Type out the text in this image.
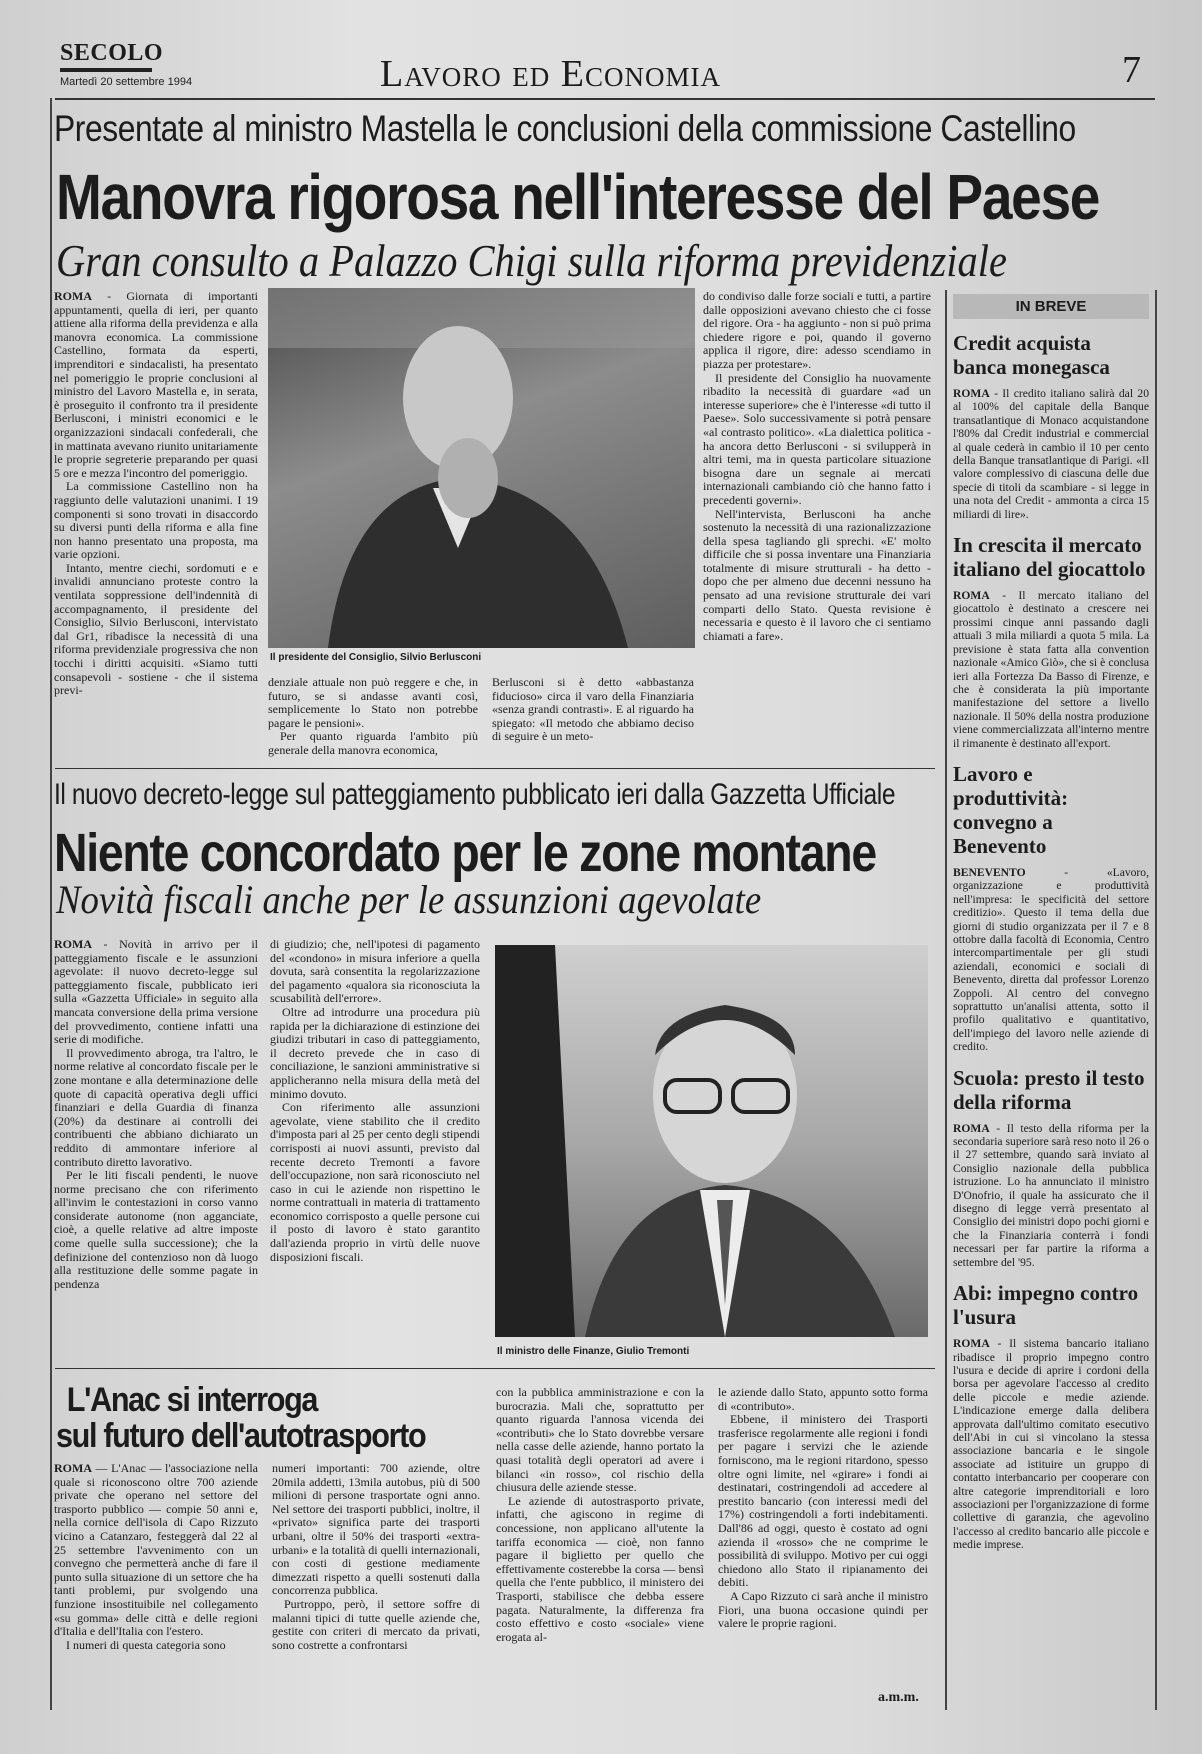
SECOLO
Martedì 20 settembre 1994	Lavoro ed Economia	7
Presentate al ministro Mastella le conclusioni della commissione Castellino
Manovra rigorosa nell'interesse del Paese
Gran consulto a Palazzo Chigi sulla riforma previdenziale

ROMA - Giornata di importanti appuntamenti, quella di ieri, per quanto attiene alla riforma della previdenza e alla manovra economica. La commissione Castellino, formata da esperti, imprenditori e sindacalisti, ha presentato nel pomeriggio le proprie conclusioni al ministro del Lavoro Mastella e, in serata, è proseguito il confronto tra il presidente Berlusconi, i ministri economici e le organizzazioni sindacali confederali, che in mattinata avevano riunito unitariamente le proprie segreterie preparando per quasi 5 ore e mezza l'incontro del pomeriggio.

La commissione Castellino non ha raggiunto delle valutazioni unanimi. I 19 componenti si sono trovati in disaccordo su diversi punti della riforma e alla fine non hanno presentato una proposta, ma varie opzioni.

Intanto, mentre ciechi, sordomuti e e invalidi annunciano proteste contro la ventilata soppressione dell'indennità di accompagnamento, il presidente del Consiglio, Silvio Berlusconi, intervistato dal Gr1, ribadisce la necessità di una riforma previdenziale progressiva che non tocchi i diritti acquisiti. «Siamo tutti consapevoli - sostiene - che il sistema previ-

Il presidente del Consiglio, Silvio Berlusconi

denziale attuale non può reggere e che, in futuro, se si andasse avanti così, semplicemente lo Stato non potrebbe pagare le pensioni».

Per quanto riguarda l'ambito più generale della manovra economica,

Berlusconi si è detto «abbastanza fiducioso» circa il varo della Finanziaria «senza grandi contrasti». E al riguardo ha spiegato: «Il metodo che abbiamo deciso di seguire è un meto-

do condiviso dalle forze sociali e tutti, a partire dalle opposizioni avevano chiesto che ci fosse del rigore. Ora - ha aggiunto - non si può prima chiedere rigore e poi, quando il governo applica il rigore, dire: adesso scendiamo in piazza per protestare».

Il presidente del Consiglio ha nuovamente ribadito la necessità di guardare «ad un interesse superiore» che è l'interesse «di tutto il Paese». Solo successivamente si potrà pensare «al contrasto politico». «La dialettica politica - ha ancora detto Berlusconi - si svilupperà in altri temi, ma in questa particolare situazione bisogna dare un segnale ai mercati internazionali cambiando ciò che hanno fatto i precedenti governi».

Nell'intervista, Berlusconi ha anche sostenuto la necessità di una razionalizzazione della spesa tagliando gli sprechi. «E' molto difficile che si possa inventare una Finanziaria totalmente di misure strutturali - ha detto - dopo che per almeno due decenni nessuno ha pensato ad una revisione strutturale dei vari comparti dello Stato. Questa revisione è necessaria e questo è il lavoro che ci sentiamo chiamati a fare».

IN BREVE
Credit acquista banca monegasca

ROMA - Il credito italiano salirà dal 20 al 100% del capitale della Banque transatlantique di Monaco acquistandone l'80% dal Credit industrial e commercial al quale cederà in cambio il 10 per cento della Banque transatlantique di Parigi. «Il valore complessivo di ciascuna delle due specie di titoli da scambiare - si legge in una nota del Credit - ammonta a circa 15 miliardi di lire».

In crescita il mercato italiano del giocattolo

ROMA - Il mercato italiano del giocattolo è destinato a crescere nei prossimi cinque anni passando dagli attuali 3 mila miliardi a quota 5 mila. La previsione è stata fatta alla convention nazionale «Amico Giò», che si è conclusa ieri alla Fortezza Da Basso di Firenze, e che è considerata la più importante manifestazione del settore a livello nazionale. Il 50% della nostra produzione viene commercializzata all'interno mentre il rimanente è destinato all'export.

Lavoro e produttività: convegno a Benevento

BENEVENTO - «Lavoro, organizzazione e produttività nell'impresa: le specificità del settore creditizio». Questo il tema della due giorni di studio organizzata per il 7 e 8 ottobre dalla facoltà di Economia, Centro intercompartimentale per gli studi aziendali, economici e sociali di Benevento, diretta dal professor Lorenzo Zoppoli. Al centro del convegno soprattutto un'analisi attenta, sotto il profilo qualitativo e quantitativo, dell'impiego del lavoro nelle aziende di credito.

Scuola: presto il testo della riforma

ROMA - Il testo della riforma per la secondaria superiore sarà reso noto il 26 o il 27 settembre, quando sarà inviato al Consiglio nazionale della pubblica istruzione. Lo ha annunciato il ministro D'Onofrio, il quale ha assicurato che il disegno di legge verrà presentato al Consiglio dei ministri dopo pochi giorni e che la Finanziaria conterrà i fondi necessari per far partire la riforma a settembre del '95.

Abi: impegno contro l'usura

ROMA - Il sistema bancario italiano ribadisce il proprio impegno contro l'usura e decide di aprire i cordoni della borsa per agevolare l'accesso al credito delle piccole e medie aziende. L'indicazione emerge dalla delibera approvata dall'ultimo comitato esecutivo dell'Abi in cui si vincolano la stessa associazione bancaria e le singole associate ad istituire un gruppo di contatto interbancario per cooperare con altre categorie imprenditoriali e loro associazioni per l'organizzazione di forme collettive di garanzia, che agevolino l'accesso al credito bancario alle piccole e medie imprese.

Il nuovo decreto-legge sul patteggiamento pubblicato ieri dalla Gazzetta Ufficiale
Niente concordato per le zone montane
Novità fiscali anche per le assunzioni agevolate

ROMA - Novità in arrivo per il patteggiamento fiscale e le assunzioni agevolate: il nuovo decreto-legge sul patteggiamento fiscale, pubblicato ieri sulla «Gazzetta Ufficiale» in seguito alla mancata conversione della prima versione del provvedimento, contiene infatti una serie di modifiche.

Il provvedimento abroga, tra l'altro, le norme relative al concordato fiscale per le zone montane e alla determinazione delle quote di capacità operativa degli uffici finanziari e della Guardia di finanza (20%) da destinare ai controlli dei contribuenti che abbiano dichiarato un reddito di ammontare inferiore al contributo diretto lavorativo.

Per le liti fiscali pendenti, le nuove norme precisano che con riferimento all'invim le contestazioni in corso vanno considerate autonome (non agganciate, cioè, a quelle relative ad altre imposte come quelle sulla successione); che la definizione del contenzioso non dà luogo alla restituzione delle somme pagate in pendenza

di giudizio; che, nell'ipotesi di pagamento del «condono» in misura inferiore a quella dovuta, sarà consentita la regolarizzazione del pagamento «qualora sia riconosciuta la scusabilità dell'errore».

Oltre ad introdurre una procedura più rapida per la dichiarazione di estinzione dei giudizi tributari in caso di patteggiamento, il decreto prevede che in caso di conciliazione, le sanzioni amministrative si applicheranno nella misura della metà del minimo dovuto.

Con riferimento alle assunzioni agevolate, viene stabilito che il credito d'imposta pari al 25 per cento degli stipendi corrisposti ai nuovi assunti, previsto dal recente decreto Tremonti a favore dell'occupazione, non sarà riconosciuto nel caso in cui le aziende non rispettino le norme contrattuali in materia di trattamento economico corrisposto a quelle persone cui il posto di lavoro è stato garantito dall'azienda proprio in virtù delle nuove disposizioni fiscali.

Il ministro delle Finanze, Giulio Tremonti
L'Anac si interroga
sul futuro dell'autotrasporto

ROMA — L'Anac — l'associazione nella quale si riconoscono oltre 700 aziende private che operano nel settore del trasporto pubblico — compie 50 anni e, nella cornice dell'isola di Capo Rizzuto vicino a Catanzaro, festeggerà dal 22 al 25 settembre l'avvenimento con un convegno che permetterà anche di fare il punto sulla situazione di un settore che ha tanti problemi, pur svolgendo una funzione insostituibile nel collegamento «su gomma» delle città e delle regioni d'Italia e dell'Italia con l'estero.

I numeri di questa categoria sono

numeri importanti: 700 aziende, oltre 20mila addetti, 13mila autobus, più di 500 milioni di persone trasportate ogni anno. Nel settore dei trasporti pubblici, inoltre, il «privato» significa parte dei trasporti urbani, oltre il 50% dei trasporti «extra-urbani» e la totalità di quelli internazionali, con costi di gestione mediamente dimezzati rispetto a quelli sostenuti dalla concorrenza pubblica.

Purtroppo, però, il settore soffre di malanni tipici di tutte quelle aziende che, gestite con criteri di mercato da privati, sono costrette a confrontarsi

con la pubblica amministrazione e con la burocrazia. Mali che, soprattutto per quanto riguarda l'annosa vicenda dei «contributi» che lo Stato dovrebbe versare nella casse delle aziende, hanno portato la quasi totalità degli operatori ad avere i bilanci «in rosso», col rischio della chiusura delle aziende stesse.

Le aziende di autostrasporto private, infatti, che agiscono in regime di concessione, non applicano all'utente la tariffa economica — cioè, non fanno pagare il biglietto per quello che effettivamente costerebbe la corsa — bensì quella che l'ente pubblico, il ministero dei Trasporti, stabilisce che debba essere pagata. Naturalmente, la differenza fra costo effettivo e costo «sociale» viene erogata al-

le aziende dallo Stato, appunto sotto forma di «contributo».

Ebbene, il ministero dei Trasporti trasferisce regolarmente alle regioni i fondi per pagare i servizi che le aziende forniscono, ma le regioni ritardono, spesso oltre ogni limite, nel «girare» i fondi ai destinatari, costringendoli ad accedere al prestito bancario (con interessi medi del 17%) costringendoli a forti indebitamenti. Dall'86 ad oggi, questo è costato ad ogni azienda il «rosso» che ne comprime le possibilità di sviluppo. Motivo per cui oggi chiedono allo Stato il ripianamento dei debiti.

A Capo Rizzuto ci sarà anche il ministro Fiori, una buona occasione quindi per valere le proprie ragioni.

a.m.m.
